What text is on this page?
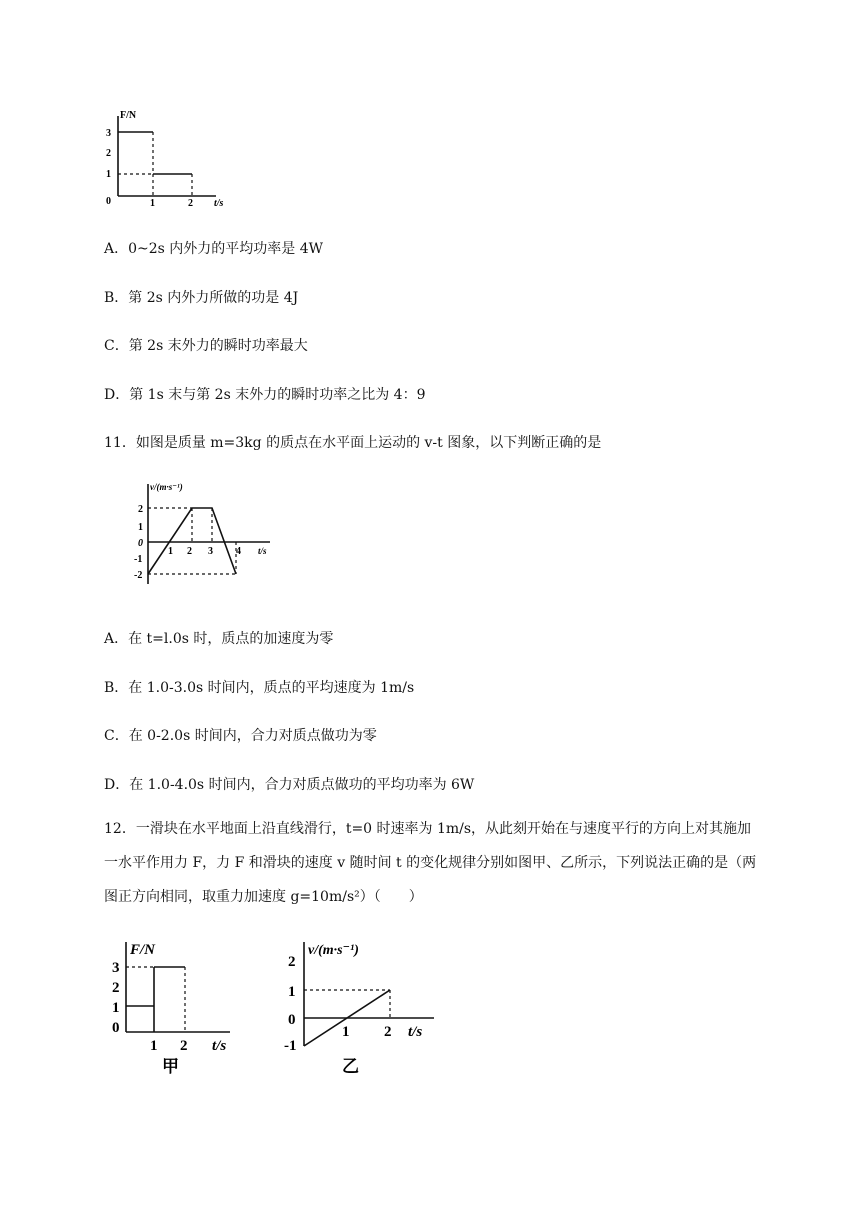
F/N
t/s
3
2
1
0	1	2
A．0~2s 内外力的平均功率是 4W
B．第 2s 内外力所做的功是 4J
C．第 2s 末外力的瞬时功率最大
D．第 1s 末与第 2s 末外力的瞬时功率之比为 4：9
11．如图是质量 m=3kg 的质点在水平面上运动的 v-t 图象，以下判断正确的是
v/(m·s⁻¹)
t/s
2
1
0
-1
-2
1 2 3 4
A．在 t=l.0s 时，质点的加速度为零
B．在 1.0-3.0s 时间内，质点的平均速度为 1m/s
C．在 0-2.0s 时间内，合力对质点做功为零
D．在 1.0-4.0s 时间内，合力对质点做功的平均功率为 6W
12．一滑块在水平地面上沿直线滑行，t=0 时速率为 1m/s，从此刻开始在与速度平行的方向上对其施加一水平作用力 F，力 F 和滑块的速度 v 随时间 t 的变化规律分别如图甲、乙所示，下列说法正确的是（两图正方向相同，取重力加速度 g=10m/s²）（　　）
F/N
t/s
3
2
1
0
1 2
甲
v/(m·s⁻¹)
t/s
2
1
0
-1
1 2
乙
